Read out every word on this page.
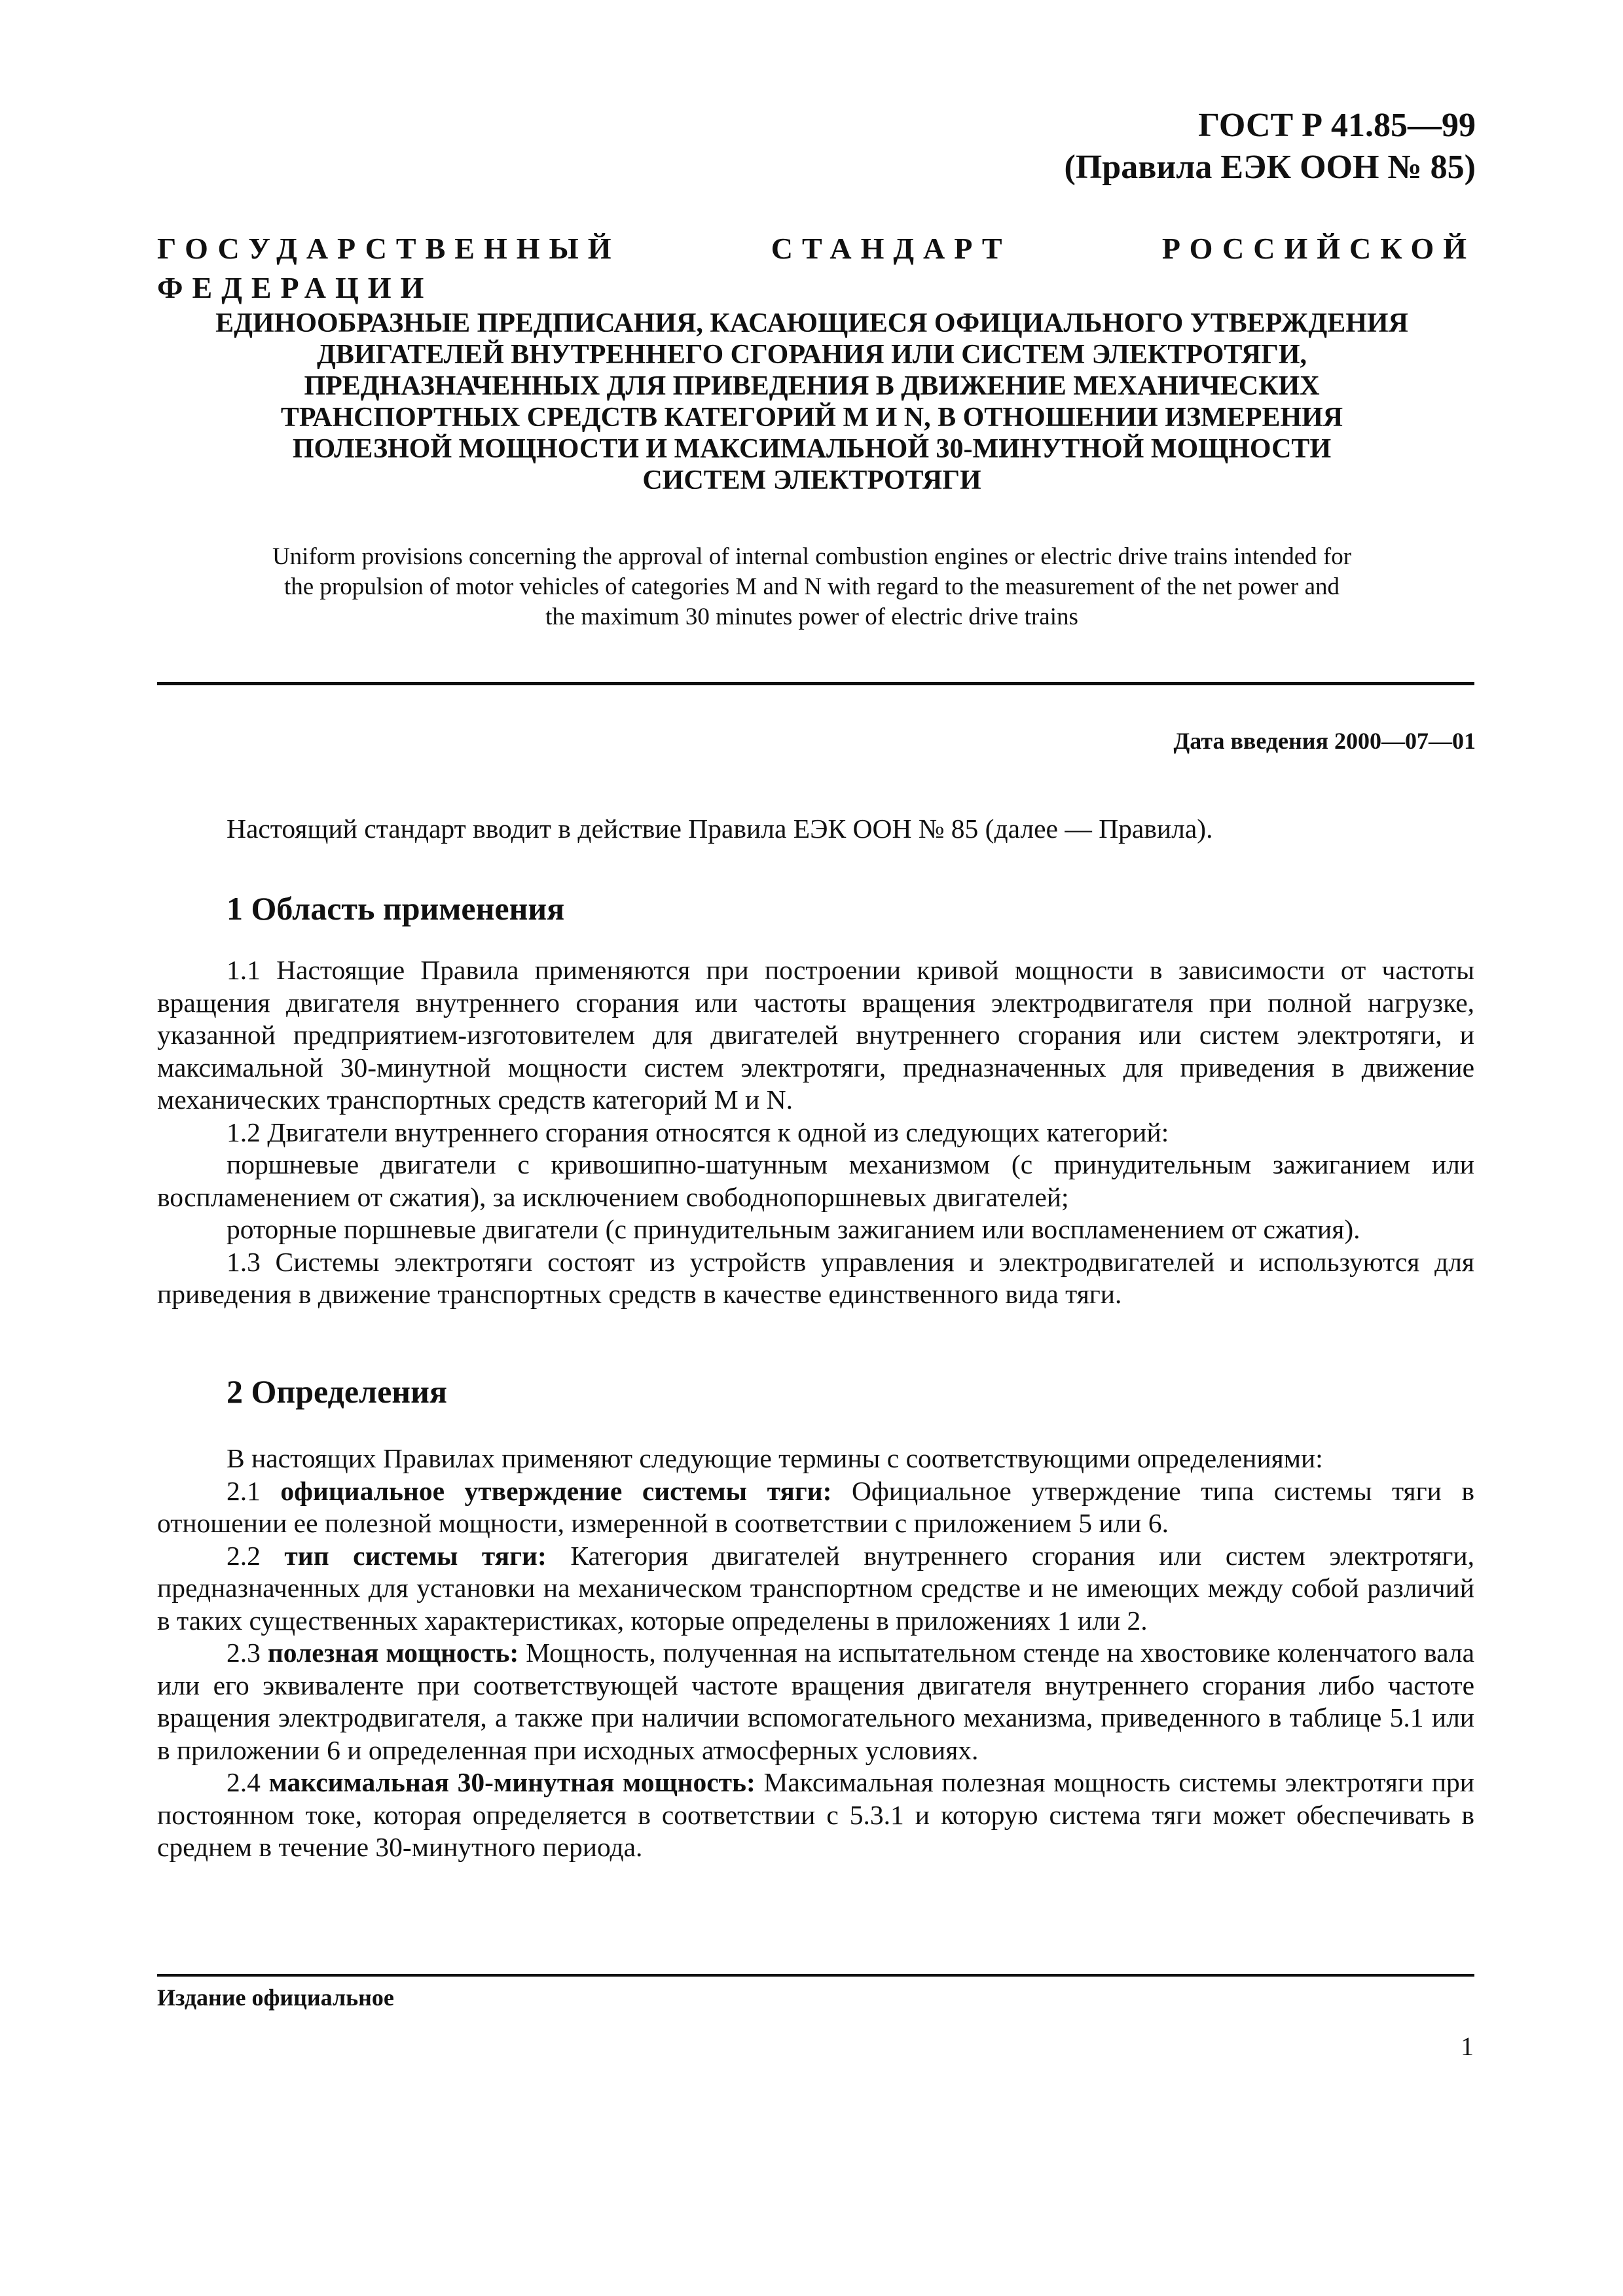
ГОСТ Р 41.85—99
(Правила ЕЭК ООН № 85)
ГОСУДАРСТВЕННЫЙ СТАНДАРТ РОССИЙСКОЙ ФЕДЕРАЦИИ
ЕДИНООБРАЗНЫЕ ПРЕДПИСАНИЯ, КАСАЮЩИЕСЯ ОФИЦИАЛЬНОГО УТВЕРЖДЕНИЯ
ДВИГАТЕЛЕЙ ВНУТРЕННЕГО СГОРАНИЯ ИЛИ СИСТЕМ ЭЛЕКТРОТЯГИ,
ПРЕДНАЗНАЧЕННЫХ ДЛЯ ПРИВЕДЕНИЯ В ДВИЖЕНИЕ МЕХАНИЧЕСКИХ
ТРАНСПОРТНЫХ СРЕДСТВ КАТЕГОРИЙ M И N, В ОТНОШЕНИИ ИЗМЕРЕНИЯ
ПОЛЕЗНОЙ МОЩНОСТИ И МАКСИМАЛЬНОЙ 30-МИНУТНОЙ МОЩНОСТИ
СИСТЕМ ЭЛЕКТРОТЯГИ
Uniform provisions concerning the approval of internal combustion engines or electric drive trains intended for
the propulsion of motor vehicles of categories M and N with regard to the measurement of the net power and
the maximum 30 minutes power of electric drive trains
Дата введения 2000—07—01

Настоящий стандарт вводит в действие Правила ЕЭК ООН № 85 (далее — Правила).

1 Область применения

1.1 Настоящие Правила применяются при построении кривой мощности в зависимости от частоты вращения двигателя внутреннего сгорания или частоты вращения электродвигателя при полной нагрузке, указанной предприятием-изготовителем для двигателей внутреннего сгорания или систем электротяги, и максимальной 30-минутной мощности систем электротяги, предназначенных для приведения в движение механических транспортных средств категорий M и N.

1.2 Двигатели внутреннего сгорания относятся к одной из следующих категорий:

поршневые двигатели с кривошипно-шатунным механизмом (с принудительным зажиганием или воспламенением от сжатия), за исключением свободнопоршневых двигателей;

роторные поршневые двигатели (с принудительным зажиганием или воспламенением от сжатия).

1.3 Системы электротяги состоят из устройств управления и электродвигателей и используются для приведения в движение транспортных средств в качестве единственного вида тяги.

2 Определения

В настоящих Правилах применяют следующие термины с соответствующими определениями:

2.1 официальное утверждение системы тяги: Официальное утверждение типа системы тяги в отношении ее полезной мощности, измеренной в соответствии с приложением 5 или 6.

2.2 тип системы тяги: Категория двигателей внутреннего сгорания или систем электротяги, предназначенных для установки на механическом транспортном средстве и не имеющих между собой различий в таких существенных характеристиках, которые определены в приложениях 1 или 2.

2.3 полезная мощность: Мощность, полученная на испытательном стенде на хвостовике коленчатого вала или его эквиваленте при соответствующей частоте вращения двигателя внутреннего сгорания либо частоте вращения электродвигателя, а также при наличии вспомогательного механизма, приведенного в таблице 5.1 или в приложении 6 и определенная при исходных атмосферных условиях.

2.4 максимальная 30-минутная мощность: Максимальная полезная мощность системы электротяги при постоянном токе, которая определяется в соответствии с 5.3.1 и которую система тяги может обеспечивать в среднем в течение 30-минутного периода.

Издание официальное
1
